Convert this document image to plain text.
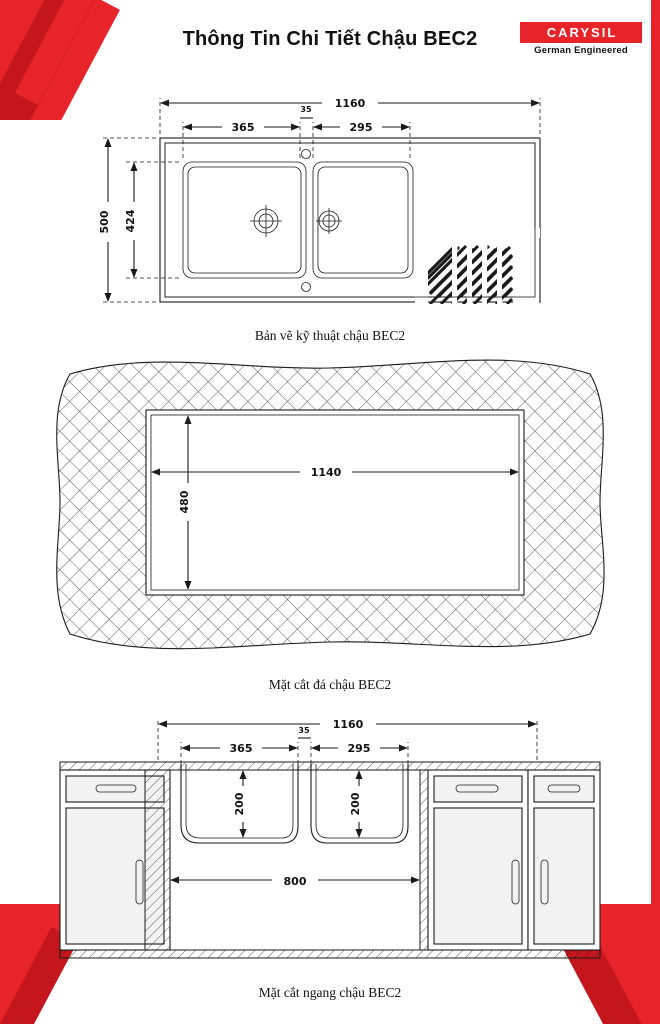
Thông Tin Chi Tiết Chậu BEC2	CARYSIL
German Engineered
1160
365	295
35
500 424
Bản vẽ kỹ thuật chậu BEC2
1140
480
Mặt cắt đá chậu BEC2
1160
365	295
35
200	200
800
Mặt cắt ngang chậu BEC2
